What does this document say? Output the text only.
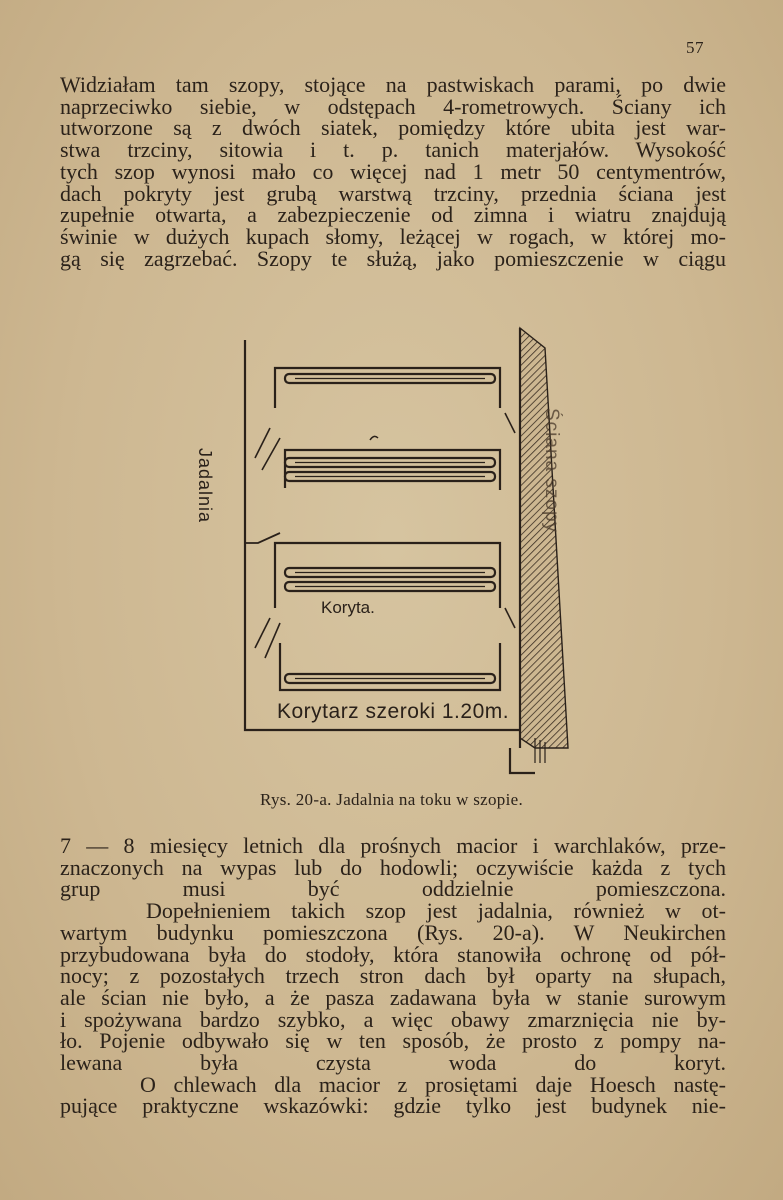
57
Widziałam tam szopy, stojące na pastwiskach parami, po dwie
naprzeciwko siebie, w odstępach 4-rometrowych. Ściany ich
utworzone są z dwóch siatek, pomiędzy które ubita jest war-
stwa trzciny, sitowia i t. p. tanich materjałów. Wysokość
tych szop wynosi mało co więcej nad 1 metr 50 centymentrów,
dach pokryty jest grubą warstwą trzciny, przednia ściana jest
zupełnie otwarta, a zabezpieczenie od zimna i wiatru znajdują
świnie w dużych kupach słomy, leżącej w rogach, w której mo-
gą się zagrzebać. Szopy te służą, jako pomieszczenie w ciągu
Jadalnia
Koryta.
Korytarz szeroki 1.20m.
Ściana szopy
Rys. 20-a. Jadalnia na toku w szopie.
7 — 8 miesięcy letnich dla prośnych macior i warchlaków, prze-
znaczonych na wypas lub do hodowli; oczywiście każda z tych
grup musi być oddzielnie pomieszczona.
Dopełnieniem takich szop jest jadalnia, również w ot-
wartym budynku pomieszczona (Rys. 20-a). W Neukirchen
przybudowana była do stodoły, która stanowiła ochronę od pół-
nocy; z pozostałych trzech stron dach był oparty na słupach,
ale ścian nie było, a że pasza zadawana była w stanie surowym
i spożywana bardzo szybko, a więc obawy zmarznięcia nie by-
ło. Pojenie odbywało się w ten sposób, że prosto z pompy na-
lewana była czysta woda do koryt.
O chlewach dla macior z prosiętami daje Hoesch nastę-
pujące praktyczne wskazówki: gdzie tylko jest budynek nie-
